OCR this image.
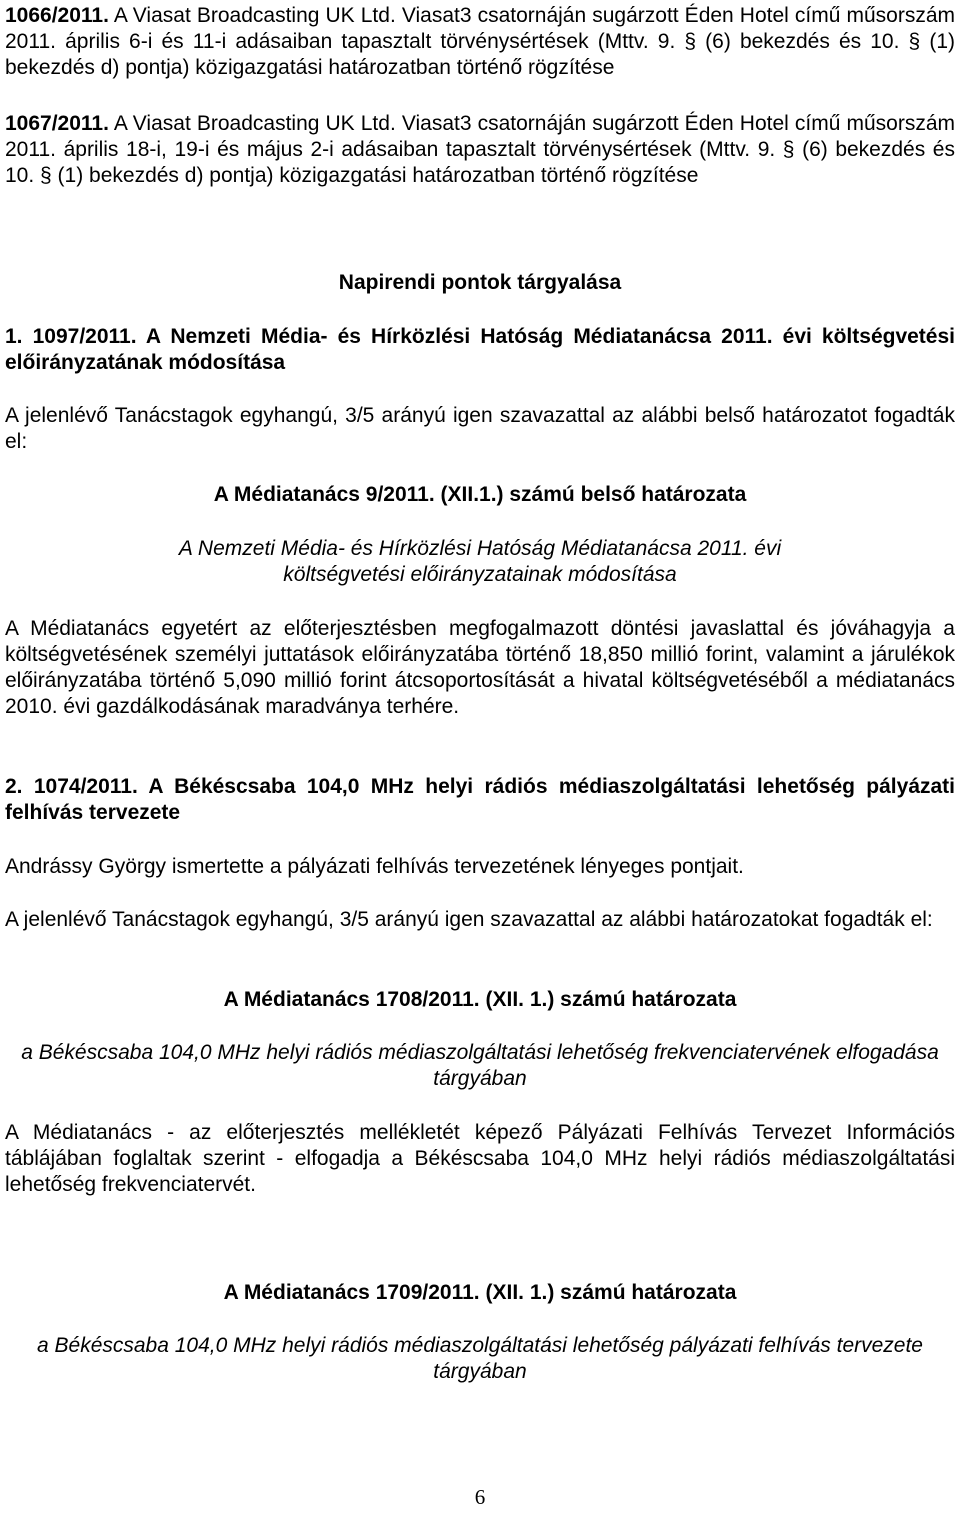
1066/2011. A Viasat Broadcasting UK Ltd. Viasat3 csatornáján sugárzott Éden Hotel című műsorszám 2011. április 6-i és 11-i adásaiban tapasztalt törvénysértések (Mttv. 9. § (6) bekezdés és 10. § (1) bekezdés d) pontja) közigazgatási határozatban történő rögzítése

1067/2011. A Viasat Broadcasting UK Ltd. Viasat3 csatornáján sugárzott Éden Hotel című műsorszám 2011. április 18-i, 19-i és május 2-i adásaiban tapasztalt törvénysértések (Mttv. 9. § (6) bekezdés és 10. § (1) bekezdés d) pontja) közigazgatási határozatban történő rögzítése

Napirendi pontok tárgyalása

1. 1097/2011. A Nemzeti Média- és Hírközlési Hatóság Médiatanácsa 2011. évi költségvetési előirányzatának módosítása

A jelenlévő Tanácstagok egyhangú, 3/5 arányú igen szavazattal az alábbi belső határozatot fogadták el:

A Médiatanács 9/2011. (XII.1.) számú belső határozata

A Nemzeti Média- és Hírközlési Hatóság Médiatanácsa 2011. évi költségvetési előirányzatainak módosítása

A Médiatanács egyetért az előterjesztésben megfogalmazott döntési javaslattal és jóváhagyja a költségvetésének személyi juttatások előirányzatába történő 18,850 millió forint, valamint a járulékok előirányzatába történő 5,090 millió forint átcsoportosítását a hivatal költségvetéséből a médiatanács 2010. évi gazdálkodásának maradványa terhére.

2. 1074/2011. A Békéscsaba 104,0 MHz helyi rádiós médiaszolgáltatási lehetőség pályázati felhívás tervezete

Andrássy György ismertette a pályázati felhívás tervezetének lényeges pontjait.

A jelenlévő Tanácstagok egyhangú, 3/5 arányú igen szavazattal az alábbi határozatokat fogadták el:

A Médiatanács 1708/2011. (XII. 1.) számú határozata

a Békéscsaba 104,0 MHz helyi rádiós médiaszolgáltatási lehetőség frekvenciatervének elfogadása tárgyában

A Médiatanács - az előterjesztés mellékletét képező Pályázati Felhívás Tervezet Információs táblájában foglaltak szerint - elfogadja a Békéscsaba 104,0 MHz helyi rádiós médiaszolgáltatási lehetőség frekvenciatervét.

A Médiatanács 1709/2011. (XII. 1.) számú határozata

a Békéscsaba 104,0 MHz helyi rádiós médiaszolgáltatási lehetőség pályázati felhívás tervezete tárgyában

6
